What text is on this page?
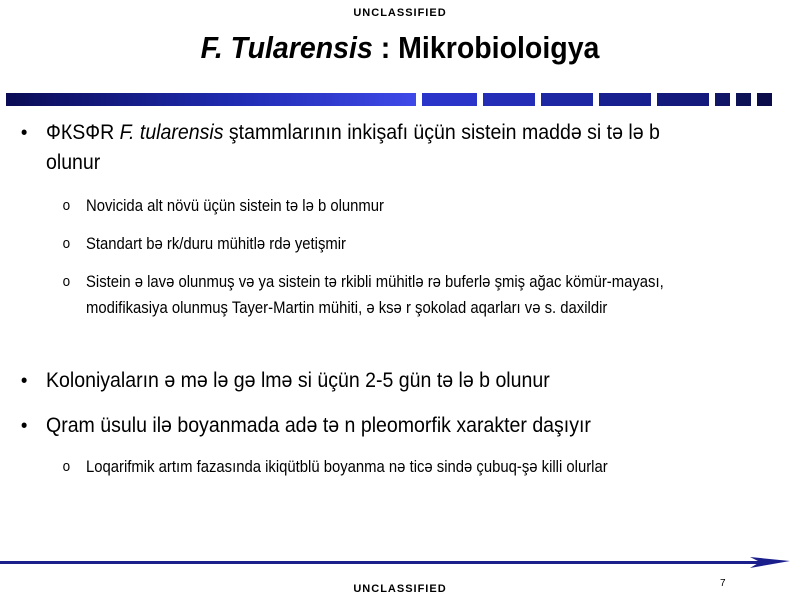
UNCLASSIFIED
F. Tularensis : Mikrobioloigya
• ФКSФR F. tularensis ştammlarının inkişafı üçün sistein maddə si tə lə b olunur
o Novicida alt növü üçün sistein tə lə b olunmur
o Standart bə rk/duru mühitlə rdə yetişmir
o Sistein ə lavə olunmuş və ya sistein tə rkibli mühitlə rə buferlə şmiş ağac kömür-mayası, modifikasiya olunmuş Tayer-Martin mühiti, ə ksə r şokolad aqarları və s. daxildir
• Koloniyaların ə mə lə gə lmə si üçün 2-5 gün tə lə b olunur
• Qram üsulu ilə boyanmada adə tə n pleomorfik xarakter daşıyır
o Loqarifmik artım fazasında ikiqütblü boyanma nə ticə sində çubuq-şə killi olurlar
7
UNCLASSIFIED
